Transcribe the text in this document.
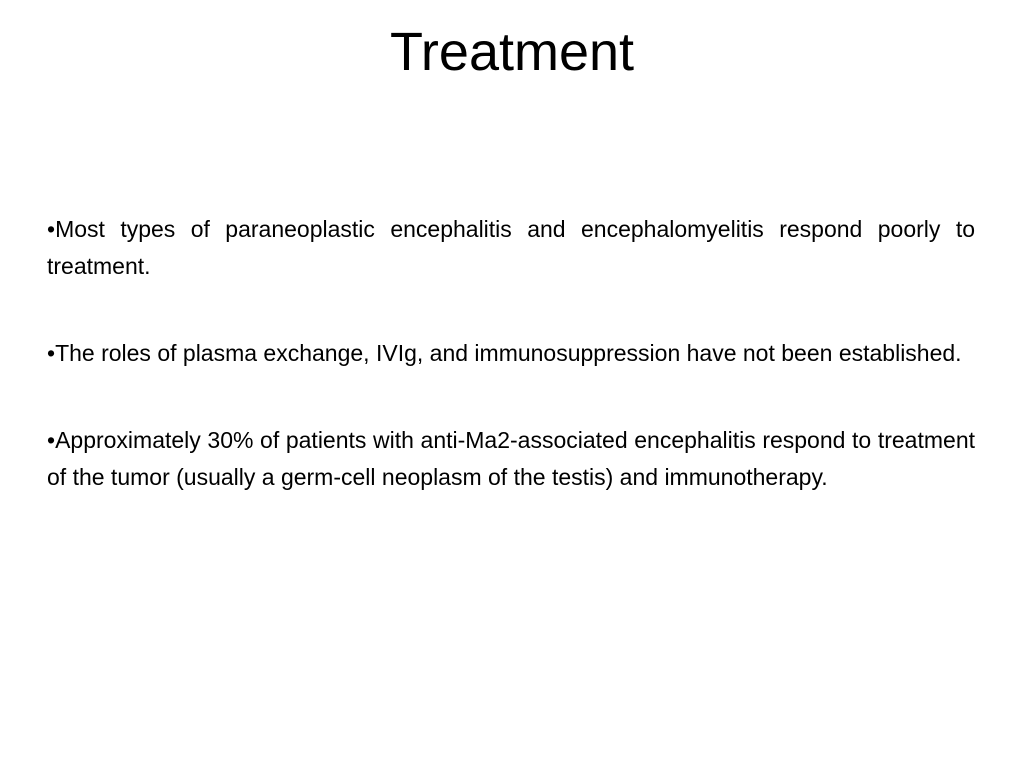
Treatment
•Most types of paraneoplastic encephalitis and encephalomyelitis respond poorly to treatment.
•The roles of plasma exchange, IVIg, and immunosuppression have not been established.
•Approximately 30% of patients with anti-Ma2-associated encephalitis respond to treatment of the tumor (usually a germ-cell neoplasm of the testis) and immunotherapy.
